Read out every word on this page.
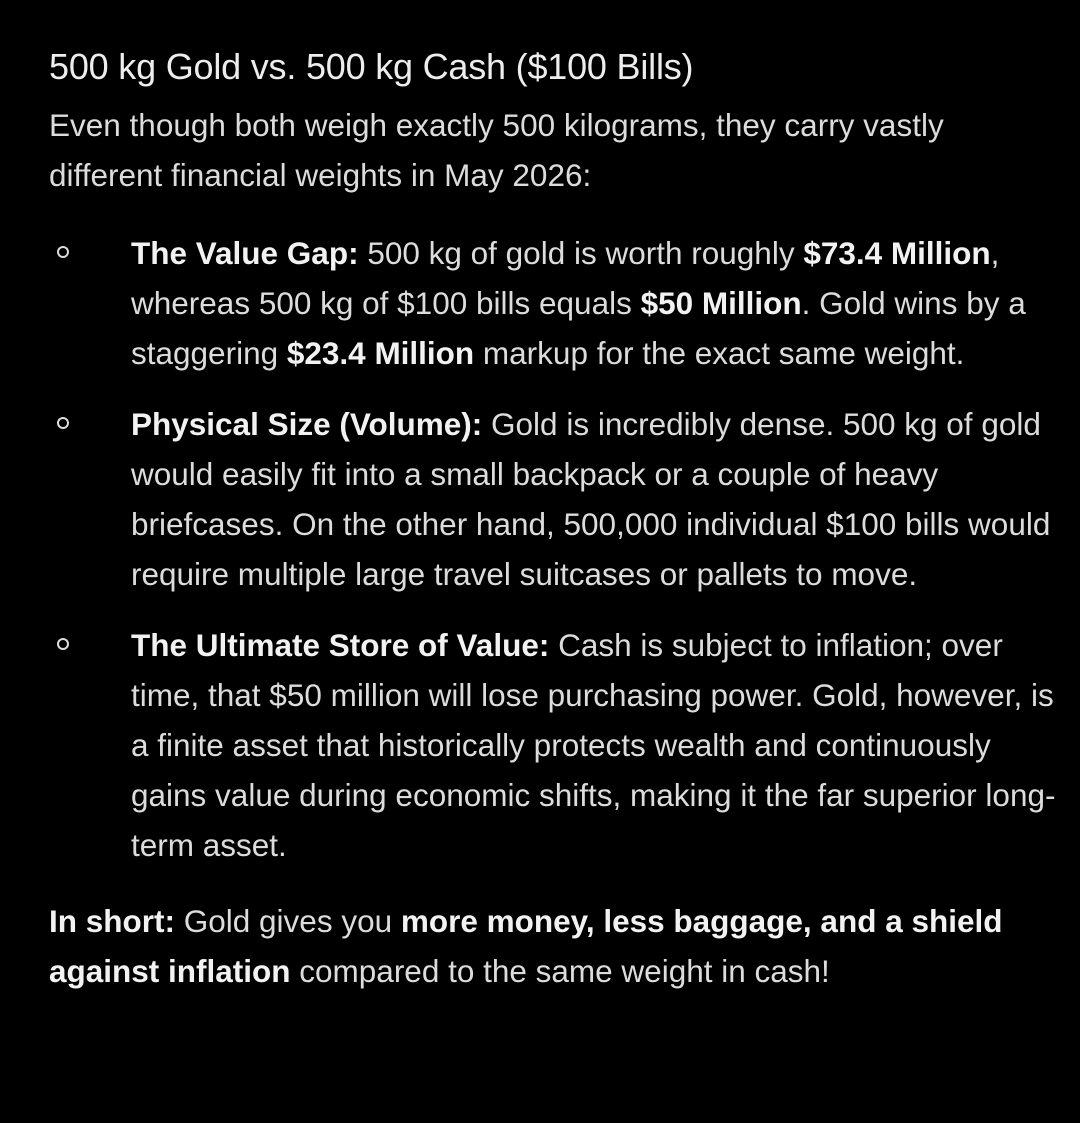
500 kg Gold vs. 500 kg Cash ($100 Bills)

Even though both weigh exactly 500 kilograms, they carry vastly different financial weights in May 2026:

The Value Gap: 500 kg of gold is worth roughly $73.4 Million, whereas 500 kg of $100 bills equals $50 Million. Gold wins by a staggering $23.4 Million markup for the exact same weight.
Physical Size (Volume): Gold is incredibly dense. 500 kg of gold would easily fit into a small backpack or a couple of heavy briefcases. On the other hand, 500,000 individual $100 bills would require multiple large travel suitcases or pallets to move.
The Ultimate Store of Value: Cash is subject to inflation; over time, that $50 million will lose purchasing power. Gold, however, is a finite asset that historically protects wealth and continuously gains value during economic shifts, making it the far superior long-term asset.

In short: Gold gives you more money, less baggage, and a shield against inflation compared to the same weight in cash!
